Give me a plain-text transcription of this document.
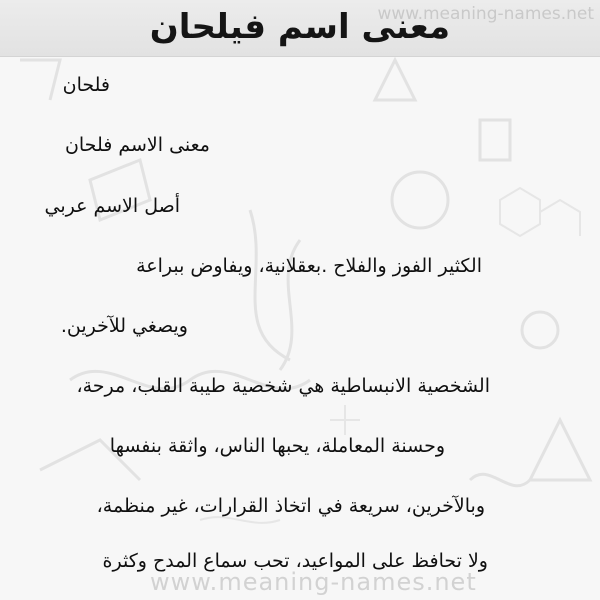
معنى اسم فيلحان
www.meaning-names.net
فلحان
معنى الاسم فلحان
أصل الاسم عربي
الكثير الفوز والفلاح .بعقلانية، ويفاوض ببراعة
ويصغي للآخرين.
الشخصية الانبساطية هي شخصية طيبة القلب، مرحة،
وحسنة المعاملة، يحبها الناس، واثقة بنفسها
وبالآخرين، سريعة في اتخاذ القرارات، غير منظمة،
ولا تحافظ على المواعيد، تحب سماع المدح وكثرة
www.meaning-names.net
